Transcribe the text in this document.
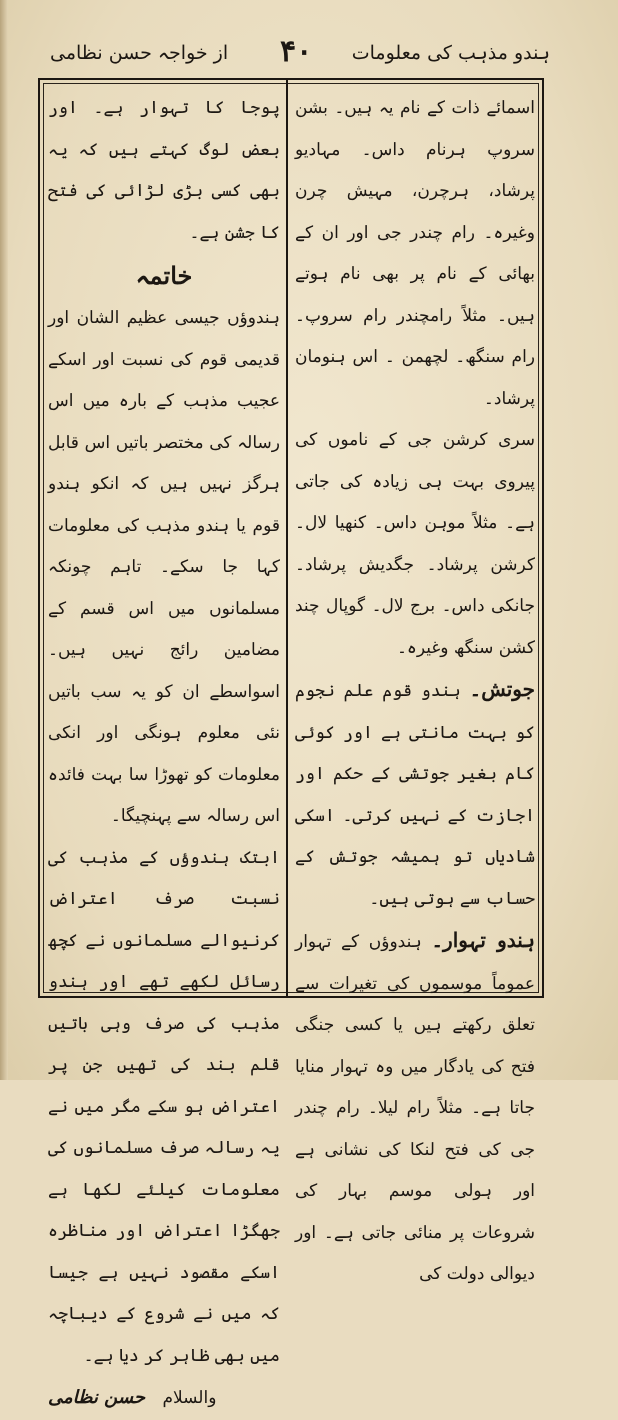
ہندو مذہب کی معلومات
۴۰
از خواجہ حسن نظامی

اسمائے ذات کے نام یہ ہیں۔ بشن سروپ ہرنام داس۔ مہادیو پرشاد، ہرچرن، مہیش چرن وغیرہ۔ رام چندر جی اور ان کے بھائی کے نام پر بھی نام ہوتے ہیں۔ مثلاً رامچندر رام سروپ۔ رام سنگھ۔ لچھمن ۔ اس ہنومان پرشاد۔

سری کرشن جی کے ناموں کی پیروی بہت ہی زیادہ کی جاتی ہے۔ مثلاً موہن داس۔ کنھیا لال۔ کرشن پرشاد۔ جگدیش پرشاد۔ جانکی داس۔ برج لال۔ گوپال چند کشن سنگھ وغیرہ۔

جوتش۔ ہندو قوم علم نجوم کو بہت مانتی ہے اور کوئی کام بغیر جوتشی کے حکم اور اجازت کے نہیں کرتی۔ اسکی شادیاں تو ہمیشہ جوتش کے حساب سے ہوتی ہیں۔

ہندو تہوار۔ ہندوؤں کے تہوار عموماً موسموں کی تغیرات سے تعلق رکھتے ہیں یا کسی جنگی فتح کی یادگار میں وہ تہوار منایا جاتا ہے۔ مثلاً رام لیلا۔ رام چندر جی کی فتح لنکا کی نشانی ہے اور ہولی موسم بہار کی شروعات پر منائی جاتی ہے۔ اور دیوالی دولت کی

پوجا کا تہوار ہے۔ اور بعض لوگ کہتے ہیں کہ یہ بھی کسی بڑی لڑائی کی فتح کا جشن ہے۔

خاتمہ

ہندوؤں جیسی عظیم الشان اور قدیمی قوم کی نسبت اور اسکے عجیب مذہب کے بارہ میں اس رسالہ کی مختصر باتیں اس قابل ہرگز نہیں ہیں کہ انکو ہندو قوم یا ہندو مذہب کی معلومات کہا جا سکے۔ تاہم چونکہ مسلمانوں میں اس قسم کے مضامین رائج نہیں ہیں۔ اسواسطے ان کو یہ سب باتیں نئی معلوم ہونگی اور انکی معلومات کو تھوڑا سا بہت فائدہ اس رسالہ سے پہنچیگا۔

ابتک ہندوؤں کے مذہب کی نسبت صرف اعتراض کرنیوالے مسلمانوں نے کچھ رسائل لکھے تھے اور ہندو مذہب کی صرف وہی باتیں قلم بند کی تھیں جن پر اعتراض ہو سکے مگر میں نے یہ رسالہ صرف مسلمانوں کی معلومات کیلئے لکھا ہے جھگڑا اعتراض اور مناظرہ اسکے مقصود نہیں ہے جیسا کہ میں نے شروع کے دیباچہ میں بھی ظاہر کر دیا ہے۔

والسلام حسن نظامی
